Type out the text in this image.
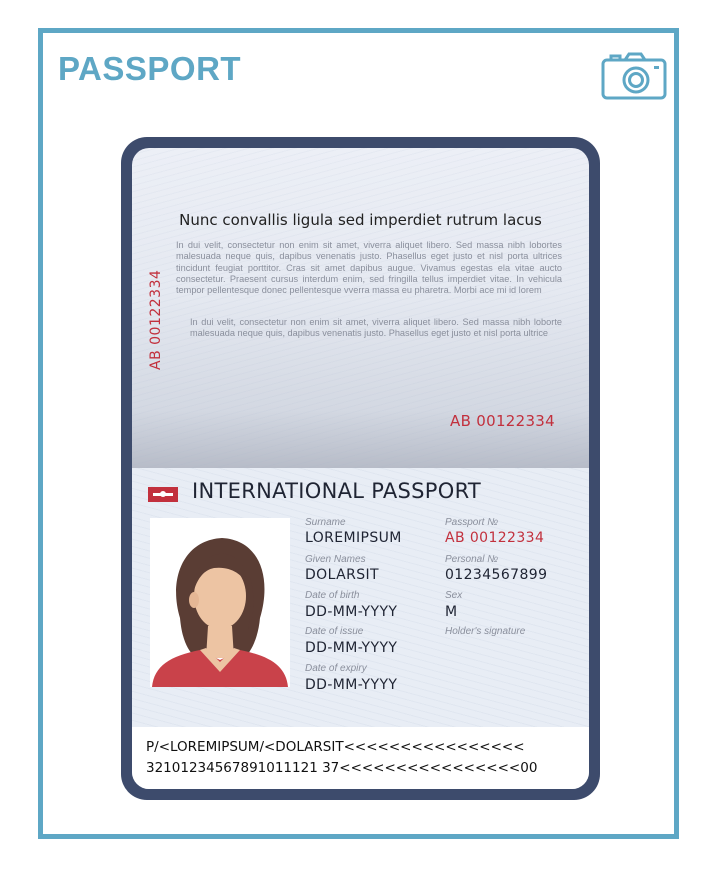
PASSPORT
Nunc convallis ligula sed imperdiet rutrum lacus
In dui velit, consectetur non enim sit amet, viverra aliquet libero. Sed massa nibh lobortes malesuada neque quis, dapibus venenatis justo. Phasellus eget justo et nisl porta ultrices tincidunt feugiat porttitor. Cras sit amet dapibus augue. Vivamus egestas ela vitae aucto consectetur. Praesent cursus interdum enim, sed fringilla tellus imperdiet vitae. In vehicula tempor pellentesque donec pellentesque vverra massa eu pharetra. Morbi ace mi id lorem
In dui velit, consectetur non enim sit amet, viverra aliquet libero. Sed massa nibh loborte malesuada neque quis, dapibus venenatis justo. Phasellus eget justo et nisl porta ultrice
AB 00122334
AB 00122334
INTERNATIONAL PASSPORT
Surname
LOREMIPSUM
Given Names
DOLARSIT
Date of birth
DD-MM-YYYY
Date of issue
DD-MM-YYYY
Date of expiry
DD-MM-YYYY
Passport №
AB 00122334
Personal №
01234567899
Sex
M
Holder's signature
P/<LOREMIPSUM/<DOLARSIT<<<<<<<<<<<<<<<<
32101234567891011121 37<<<<<<<<<<<<<<<<00
